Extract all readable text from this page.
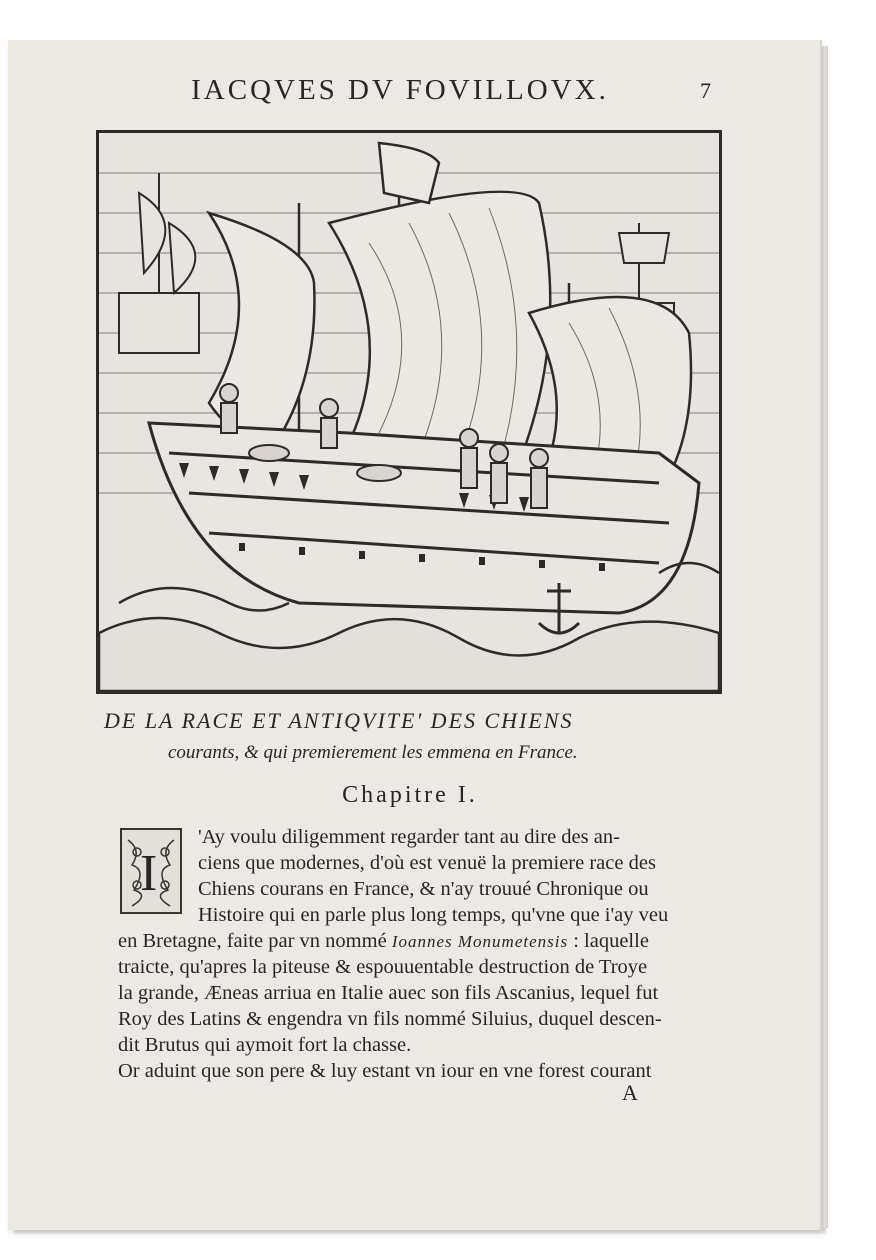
IACQVES DV FOVILLOVX.	7
DE LA RACE ET ANTIQVITE' DES CHIENS
courants, & qui premierement les emmena en France.
Chapitre I.
I
'Ay voulu diligemment regarder tant au dire des an-
ciens que modernes, d'où est venuë la premiere race des
Chiens courans en France, & n'ay trouué Chronique ou
Histoire qui en parle plus long temps, qu'vne que i'ay veu
en Bretagne, faite par vn nommé Ioannes Monumetensis : laquelle
traicte, qu'apres la piteuse & espouuentable destruction de Troye
la grande, Æneas arriua en Italie auec son fils Ascanius, lequel fut
Roy des Latins & engendra vn fils nommé Siluius, duquel descen-
dit Brutus qui aymoit fort la chasse.
Or aduint que son pere & luy estant vn iour en vne forest courant
A
